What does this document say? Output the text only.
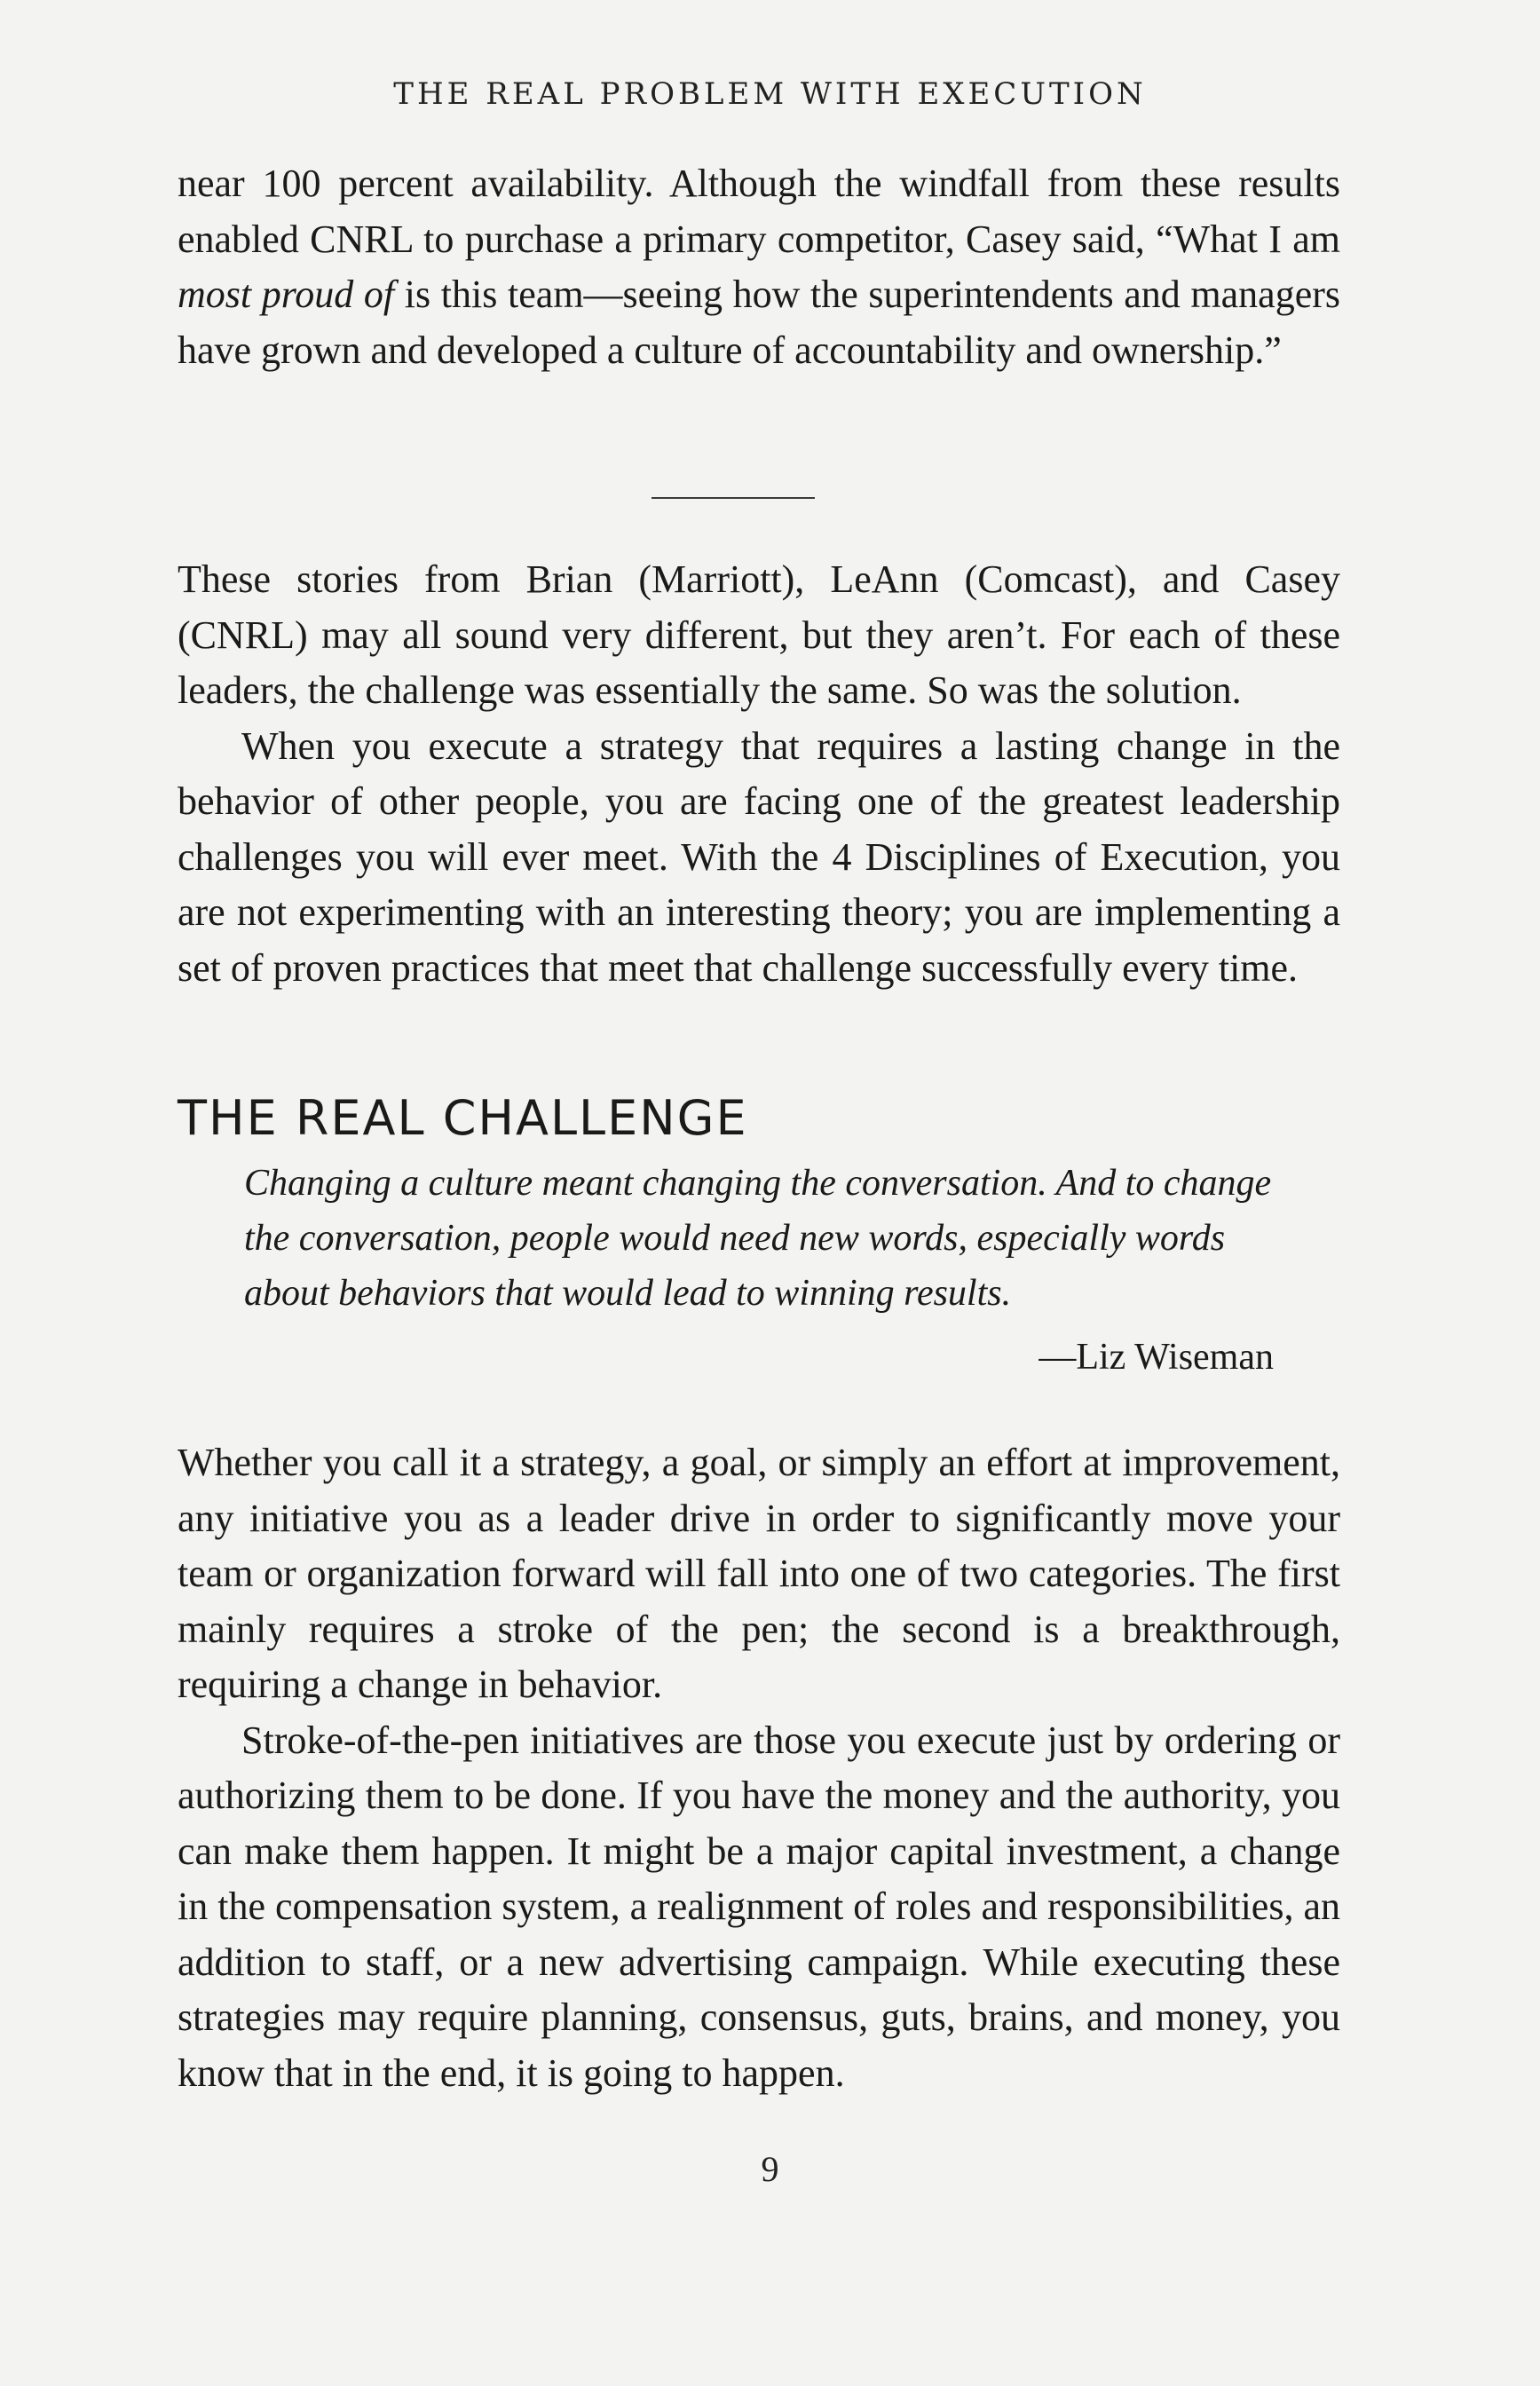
THE REAL PROBLEM WITH EXECUTION

near 100 percent availability. Although the windfall from these results enabled CNRL to purchase a primary competitor, Casey said, “What I am most proud of is this team—seeing how the superintendents and managers have grown and developed a culture of accountability and ownership.”

These stories from Brian (Marriott), LeAnn (Comcast), and Casey (CNRL) may all sound very different, but they aren’t. For each of these leaders, the challenge was essentially the same. So was the solution.

When you execute a strategy that requires a lasting change in the behavior of other people, you are facing one of the greatest leadership challenges you will ever meet. With the 4 Disciplines of Execution, you are not experimenting with an interesting theory; you are implementing a set of proven practices that meet that challenge successfully every time.

THE REAL CHALLENGE

Changing a culture meant changing the conversation. And to change the conversation, people would need new words, especially words about behaviors that would lead to winning results.

—Liz Wiseman

Whether you call it a strategy, a goal, or simply an effort at improvement, any initiative you as a leader drive in order to significantly move your team or organization forward will fall into one of two categories. The first mainly requires a stroke of the pen; the second is a breakthrough, requiring a change in behavior.

Stroke-of-the-pen initiatives are those you execute just by ordering or authorizing them to be done. If you have the money and the authority, you can make them happen. It might be a major capital investment, a change in the compensation system, a realignment of roles and responsibilities, an addition to staff, or a new advertising campaign. While executing these strategies may require planning, consensus, guts, brains, and money, you know that in the end, it is going to happen.

9
